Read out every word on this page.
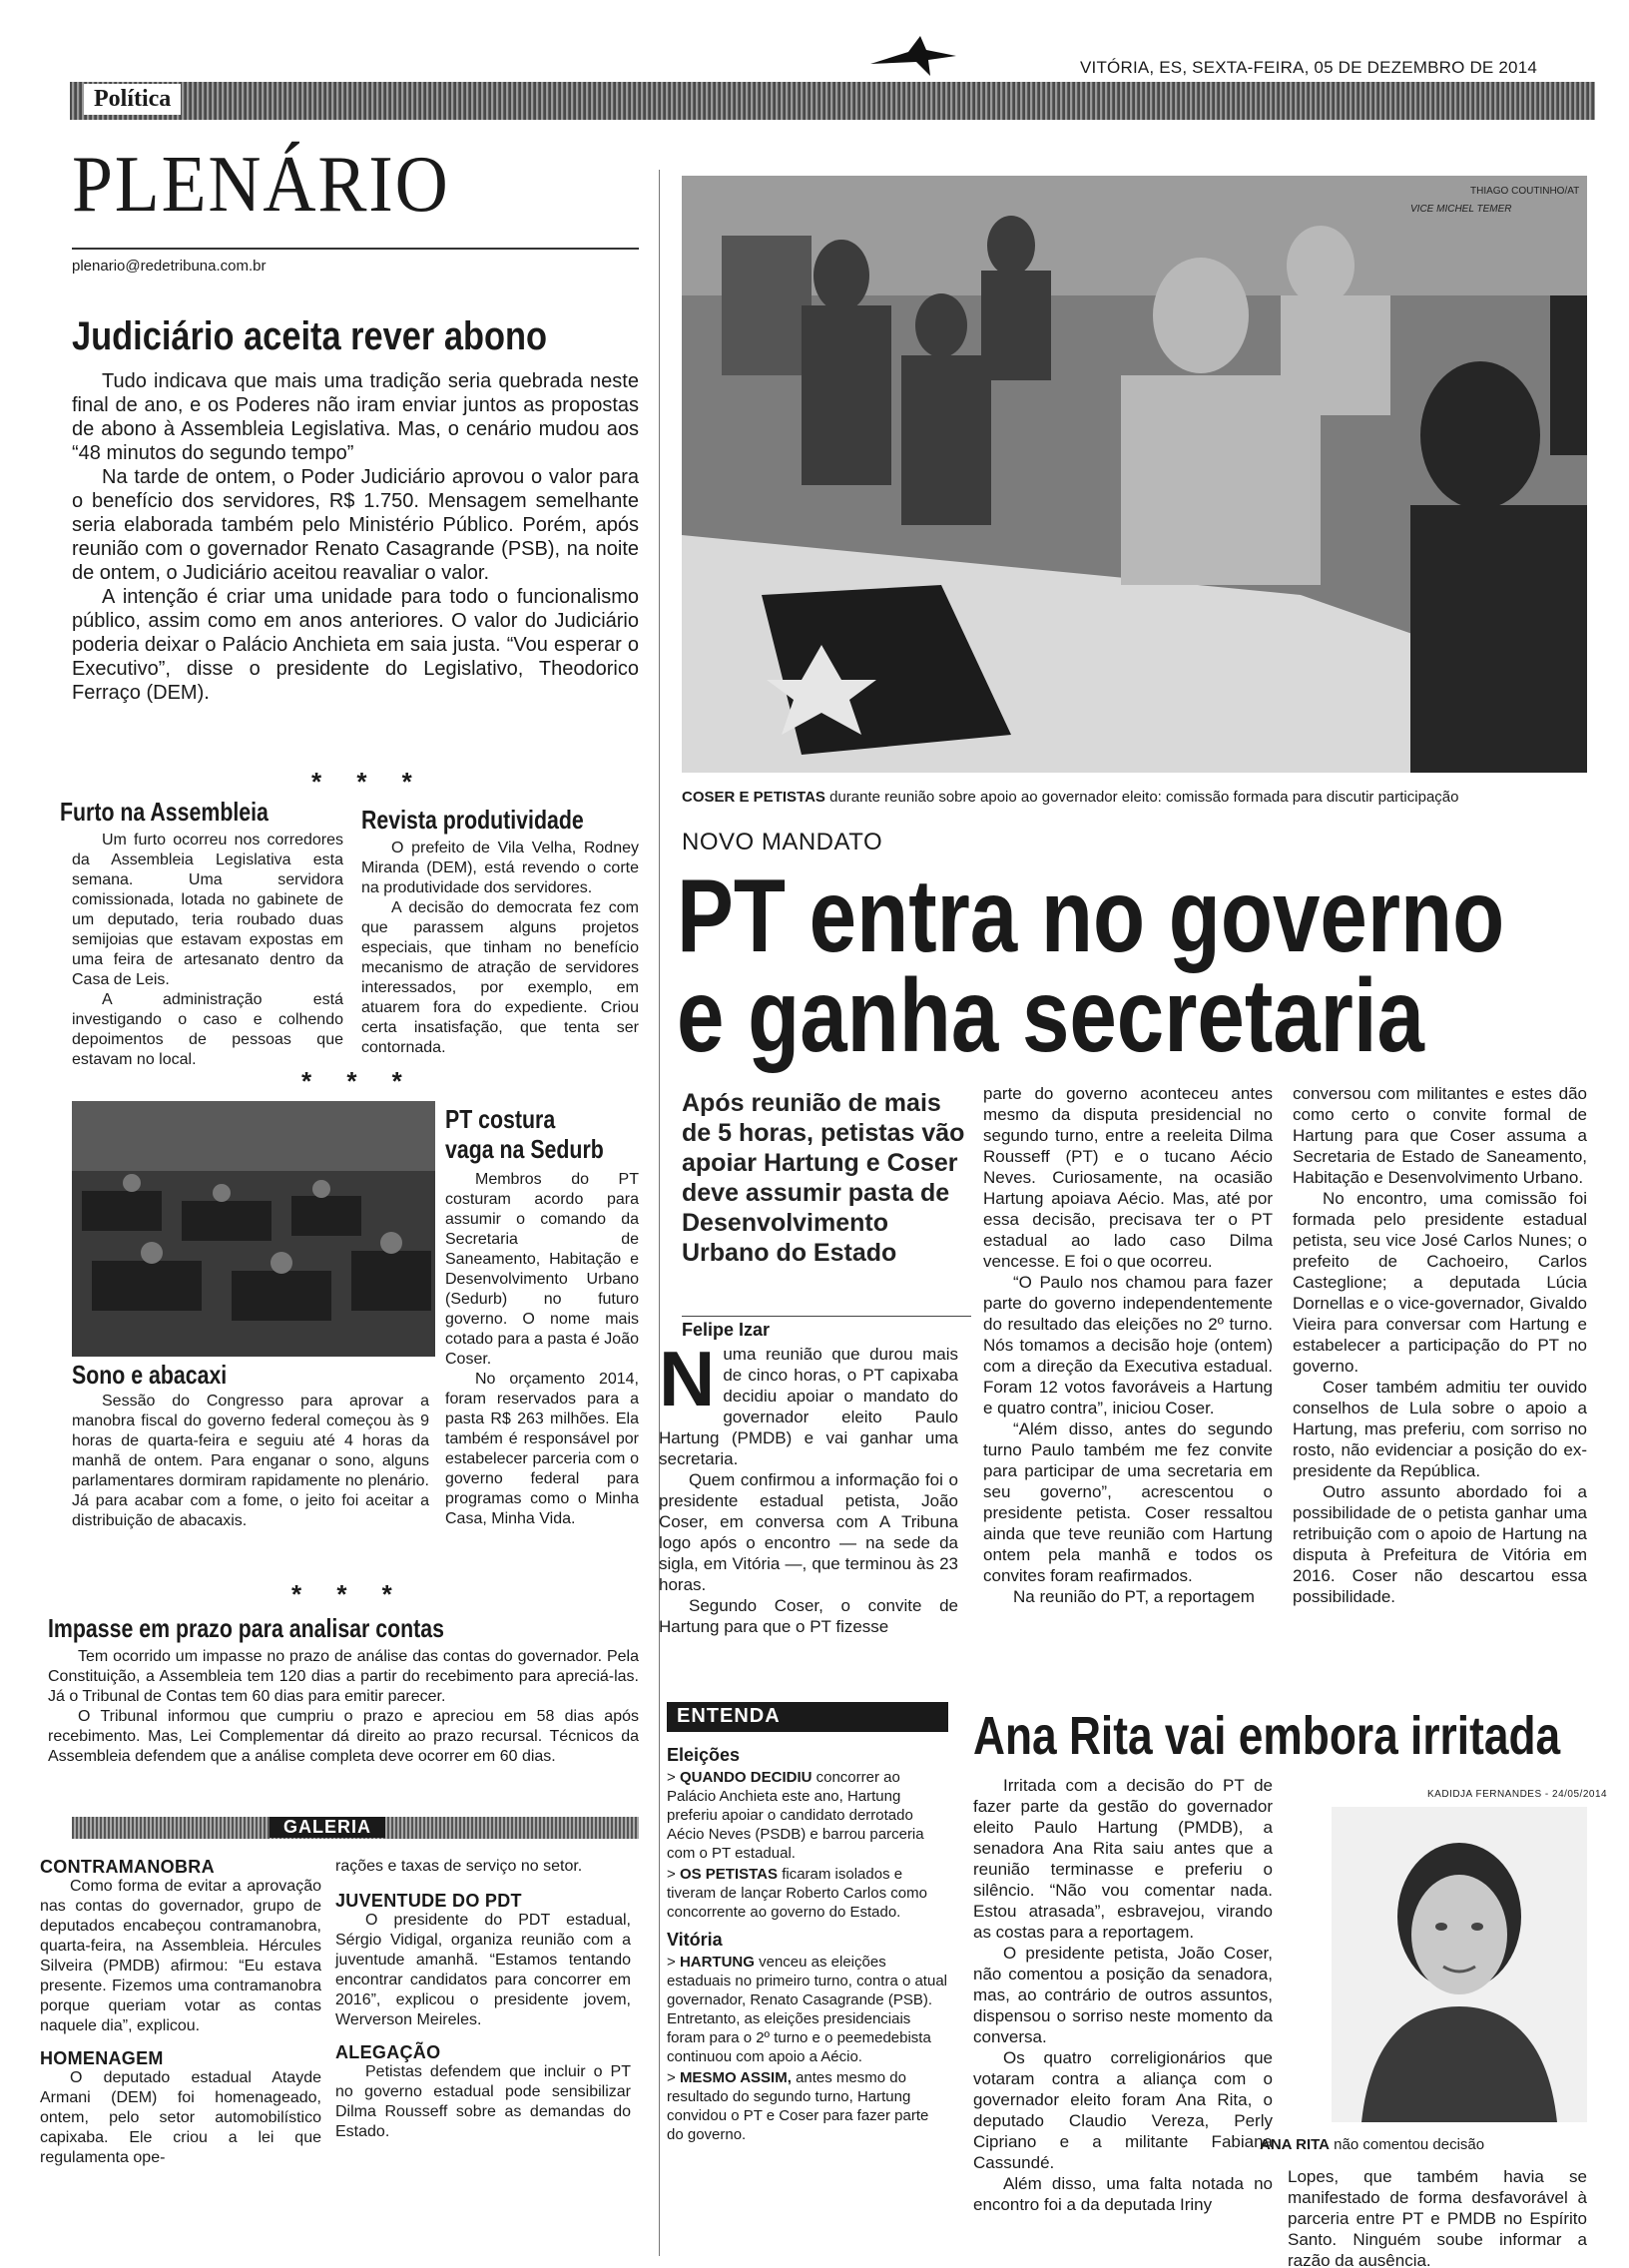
VITÓRIA, ES, SEXTA-FEIRA, 05 DE DEZEMBRO DE 2014
Política
PLENÁRIO
plenario@redetribuna.com.br
Judiciário aceita rever abono

Tudo indicava que mais uma tradição seria quebrada neste final de ano, e os Poderes não iram enviar juntos as propostas de abono à Assembleia Legislativa. Mas, o cenário mudou aos “48 minutos do segundo tempo”

Na tarde de ontem, o Poder Judiciário aprovou o valor para o benefício dos servidores, R$ 1.750. Mensagem semelhante seria elaborada também pelo Ministério Público. Porém, após reunião com o governador Renato Casagrande (PSB), na noite de ontem, o Judiciário aceitou reavaliar o valor.

A intenção é criar uma unidade para todo o funcionalismo público, assim como em anos anteriores. O valor do Judiciário poderia deixar o Palácio Anchieta em saia justa. “Vou esperar o Executivo”, disse o presidente do Legislativo, Theodorico Ferraço (DEM).

* * *
Furto na Assembleia

Um furto ocorreu nos corredores da Assembleia Legislativa esta semana. Uma servidora comissionada, lotada no gabinete de um deputado, teria roubado duas semijoias que estavam expostas em uma feira de artesanato dentro da Casa de Leis.

A administração está investigando o caso e colhendo depoimentos de pessoas que estavam no local.

Revista produtividade

O prefeito de Vila Velha, Rodney Miranda (DEM), está revendo o corte na produtividade dos servidores.

A decisão do democrata fez com que parassem alguns projetos especiais, que tinham no benefício mecanismo de atração de servidores interessados, por exemplo, em atuarem fora do expediente. Criou certa insatisfação, que tenta ser contornada.

* * *
PT costura
vaga na Sedurb

Membros do PT costuram acordo para assumir o comando da Secretaria de Saneamento, Habitação e Desenvolvimento Urbano (Sedurb) no futuro governo. O nome mais cotado para a pasta é João Coser.

No orçamento 2014, foram reservados para a pasta R$ 263 milhões. Ela também é responsável por estabelecer parceria com o governo federal para programas como o Minha Casa, Minha Vida.

Sono e abacaxi

Sessão do Congresso para aprovar a manobra fiscal do governo federal começou às 9 horas de quarta-feira e seguiu até 4 horas da manhã de ontem. Para enganar o sono, alguns parlamentares dormiram rapidamente no plenário. Já para acabar com a fome, o jeito foi aceitar a distribuição de abacaxis.

* * *
Impasse em prazo para analisar contas

Tem ocorrido um impasse no prazo de análise das contas do governador. Pela Constituição, a Assembleia tem 120 dias a partir do recebimento para apreciá-las. Já o Tribunal de Contas tem 60 dias para emitir parecer.

O Tribunal informou que cumpriu o prazo e apreciou em 58 dias após recebimento. Mas, Lei Complementar dá direito ao prazo recursal. Técnicos da Assembleia defendem que a análise completa deve ocorrer em 60 dias.

GALERIA
CONTRAMANOBRA

Como forma de evitar a aprovação nas contas do governador, grupo de deputados encabeçou contramanobra, quarta-feira, na Assembleia. Hércules Silveira (PMDB) afirmou: “Eu estava presente. Fizemos uma contramanobra porque queriam votar as contas naquele dia”, explicou.

HOMENAGEM

O deputado estadual Atayde Armani (DEM) foi homenageado, ontem, pelo setor automobilístico capixaba. Ele criou a lei que regulamenta ope-

rações e taxas de serviço no setor.

JUVENTUDE DO PDT

O presidente do PDT estadual, Sérgio Vidigal, organiza reunião com a juventude amanhã. “Estamos tentando encontrar candidatos para concorrer em 2016”, explicou o presidente jovem, Werverson Meireles.

ALEGAÇÃO

Petistas defendem que incluir o PT no governo estadual pode sensibilizar Dilma Rousseff sobre as demandas do Estado.

THIAGO COUTINHO/AT
VICE MICHEL TEMER
COSER E PETISTAS durante reunião sobre apoio ao governador eleito: comissão formada para discutir participação
NOVO MANDATO
PT entra no governo
e ganha secretaria
Após reunião de mais de 5 horas, petistas vão apoiar Hartung e Coser deve assumir pasta de Desenvolvimento Urbano do Estado
Felipe Izar

Numa reunião que durou mais de cinco horas, o PT capixaba decidiu apoiar o mandato do governador eleito Paulo Hartung (PMDB) e vai ganhar uma secretaria.

Quem confirmou a informação foi o presidente estadual petista, João Coser, em conversa com A Tribuna logo após o encontro — na sede da sigla, em Vitória —, que terminou às 23 horas.

Segundo Coser, o convite de Hartung para que o PT fizesse

parte do governo aconteceu antes mesmo da disputa presidencial no segundo turno, entre a reeleita Dilma Rousseff (PT) e o tucano Aécio Neves. Curiosamente, na ocasião Hartung apoiava Aécio. Mas, até por essa decisão, precisava ter o PT estadual ao lado caso Dilma vencesse. E foi o que ocorreu.

“O Paulo nos chamou para fazer parte do governo independentemente do resultado das eleições no 2º turno. Nós tomamos a decisão hoje (ontem) com a direção da Executiva estadual. Foram 12 votos favoráveis a Hartung e quatro contra”, iniciou Coser.

“Além disso, antes do segundo turno Paulo também me fez convite para participar de uma secretaria em seu governo”, acrescentou o presidente petista. Coser ressaltou ainda que teve reunião com Hartung ontem pela manhã e todos os convites foram reafirmados.

Na reunião do PT, a reportagem

conversou com militantes e estes dão como certo o convite formal de Hartung para que Coser assuma a Secretaria de Estado de Saneamento, Habitação e Desenvolvimento Urbano.

No encontro, uma comissão foi formada pelo presidente estadual petista, seu vice José Carlos Nunes; o prefeito de Cachoeiro, Carlos Casteglione; a deputada Lúcia Dornellas e o vice-governador, Givaldo Vieira para conversar com Hartung e estabelecer a participação do PT no governo.

Coser também admitiu ter ouvido conselhos de Lula sobre o apoio a Hartung, mas preferiu, com sorriso no rosto, não evidenciar a posição do ex-presidente da República.

Outro assunto abordado foi a possibilidade de o petista ganhar uma retribuição com o apoio de Hartung na disputa à Prefeitura de Vitória em 2016. Coser não descartou essa possibilidade.

ENTENDA
Eleições
> QUANDO DECIDIU concorrer ao Palácio Anchieta este ano, Hartung preferiu apoiar o candidato derrotado Aécio Neves (PSDB) e barrou parceria com o PT estadual.
> OS PETISTAS ficaram isolados e tiveram de lançar Roberto Carlos como concorrente ao governo do Estado.
Vitória
> HARTUNG venceu as eleições estaduais no primeiro turno, contra o atual governador, Renato Casagrande (PSB). Entretanto, as eleições presidenciais foram para o 2º turno e o peemedebista continuou com apoio a Aécio.
> MESMO ASSIM, antes mesmo do resultado do segundo turno, Hartung convidou o PT e Coser para fazer parte do governo.
Ana Rita vai embora irritada

Irritada com a decisão do PT de fazer parte da gestão do governador eleito Paulo Hartung (PMDB), a senadora Ana Rita saiu antes que a reunião terminasse e preferiu o silêncio. “Não vou comentar nada. Estou atrasada”, esbravejou, virando as costas para a reportagem.

O presidente petista, João Coser, não comentou a posição da senadora, mas, ao contrário de outros assuntos, dispensou o sorriso neste momento da conversa.

Os quatro correligionários que votaram contra a aliança com o governador eleito foram Ana Rita, o deputado Claudio Vereza, Perly Cipriano e a militante Fabiana Cassundé.

Além disso, uma falta notada no encontro foi a da deputada Iriny

KADIDJA FERNANDES - 24/05/2014
ANA RITA não comentou decisão

Lopes, que também havia se manifestado de forma desfavorável à parceria entre PT e PMDB no Espírito Santo. Ninguém soube informar a razão da ausência.
